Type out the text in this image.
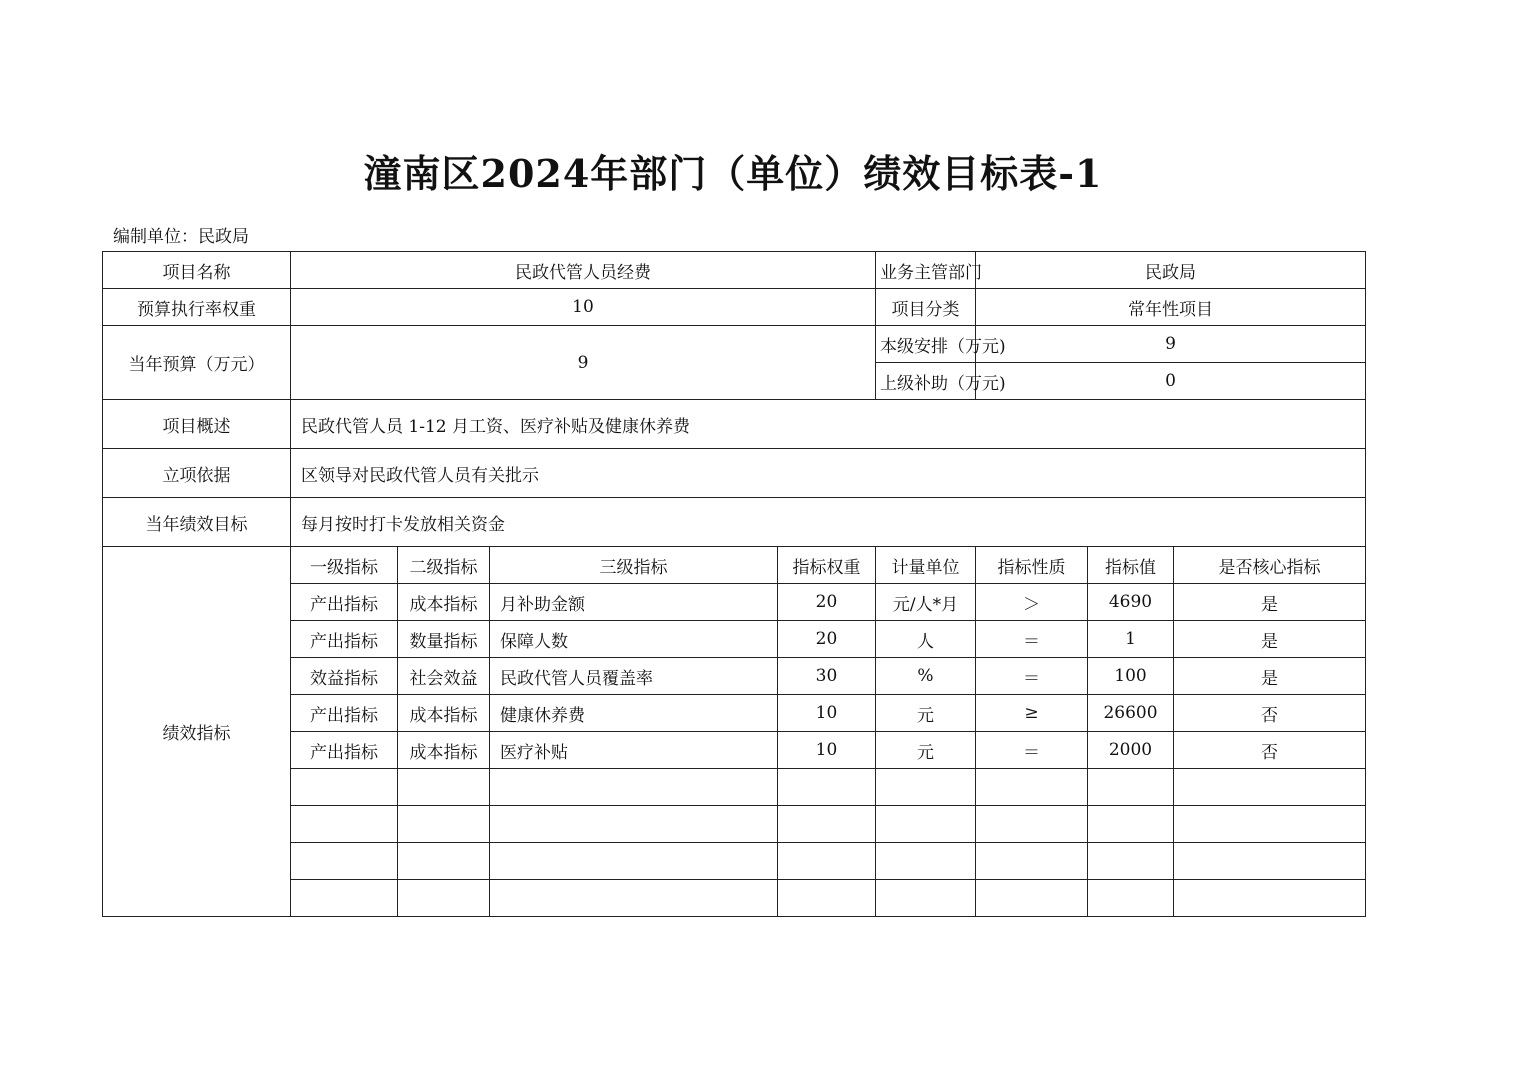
潼南区2024年部门（单位）绩效目标表-1
编制单位：民政局
项目名称	民政代管人员经费				业务主管部门	民政局		
预算执行率权重	10				项目分类	常年性项目		
当年预算（万元）	9				本级安排（万元)	9		
					上级补助（万元)	0		
项目概述	民政代管人员 1-12 月工资、医疗补贴及健康休养费							
立项依据	区领导对民政代管人员有关批示							
当年绩效目标	每月按时打卡发放相关资金							
绩效指标	一级指标	二级指标	三级指标	指标权重	计量单位	指标性质	指标值	是否核心指标
	产出指标	成本指标	月补助金额	20	元/人*月	＞	4690	是
	产出指标	数量指标	保障人数	20	人	＝	1	是
	效益指标	社会效益	民政代管人员覆盖率	30	%	＝	100	是
	产出指标	成本指标	健康休养费	10	元	≥	26600	否
	产出指标	成本指标	医疗补贴	10	元	＝	2000	否
